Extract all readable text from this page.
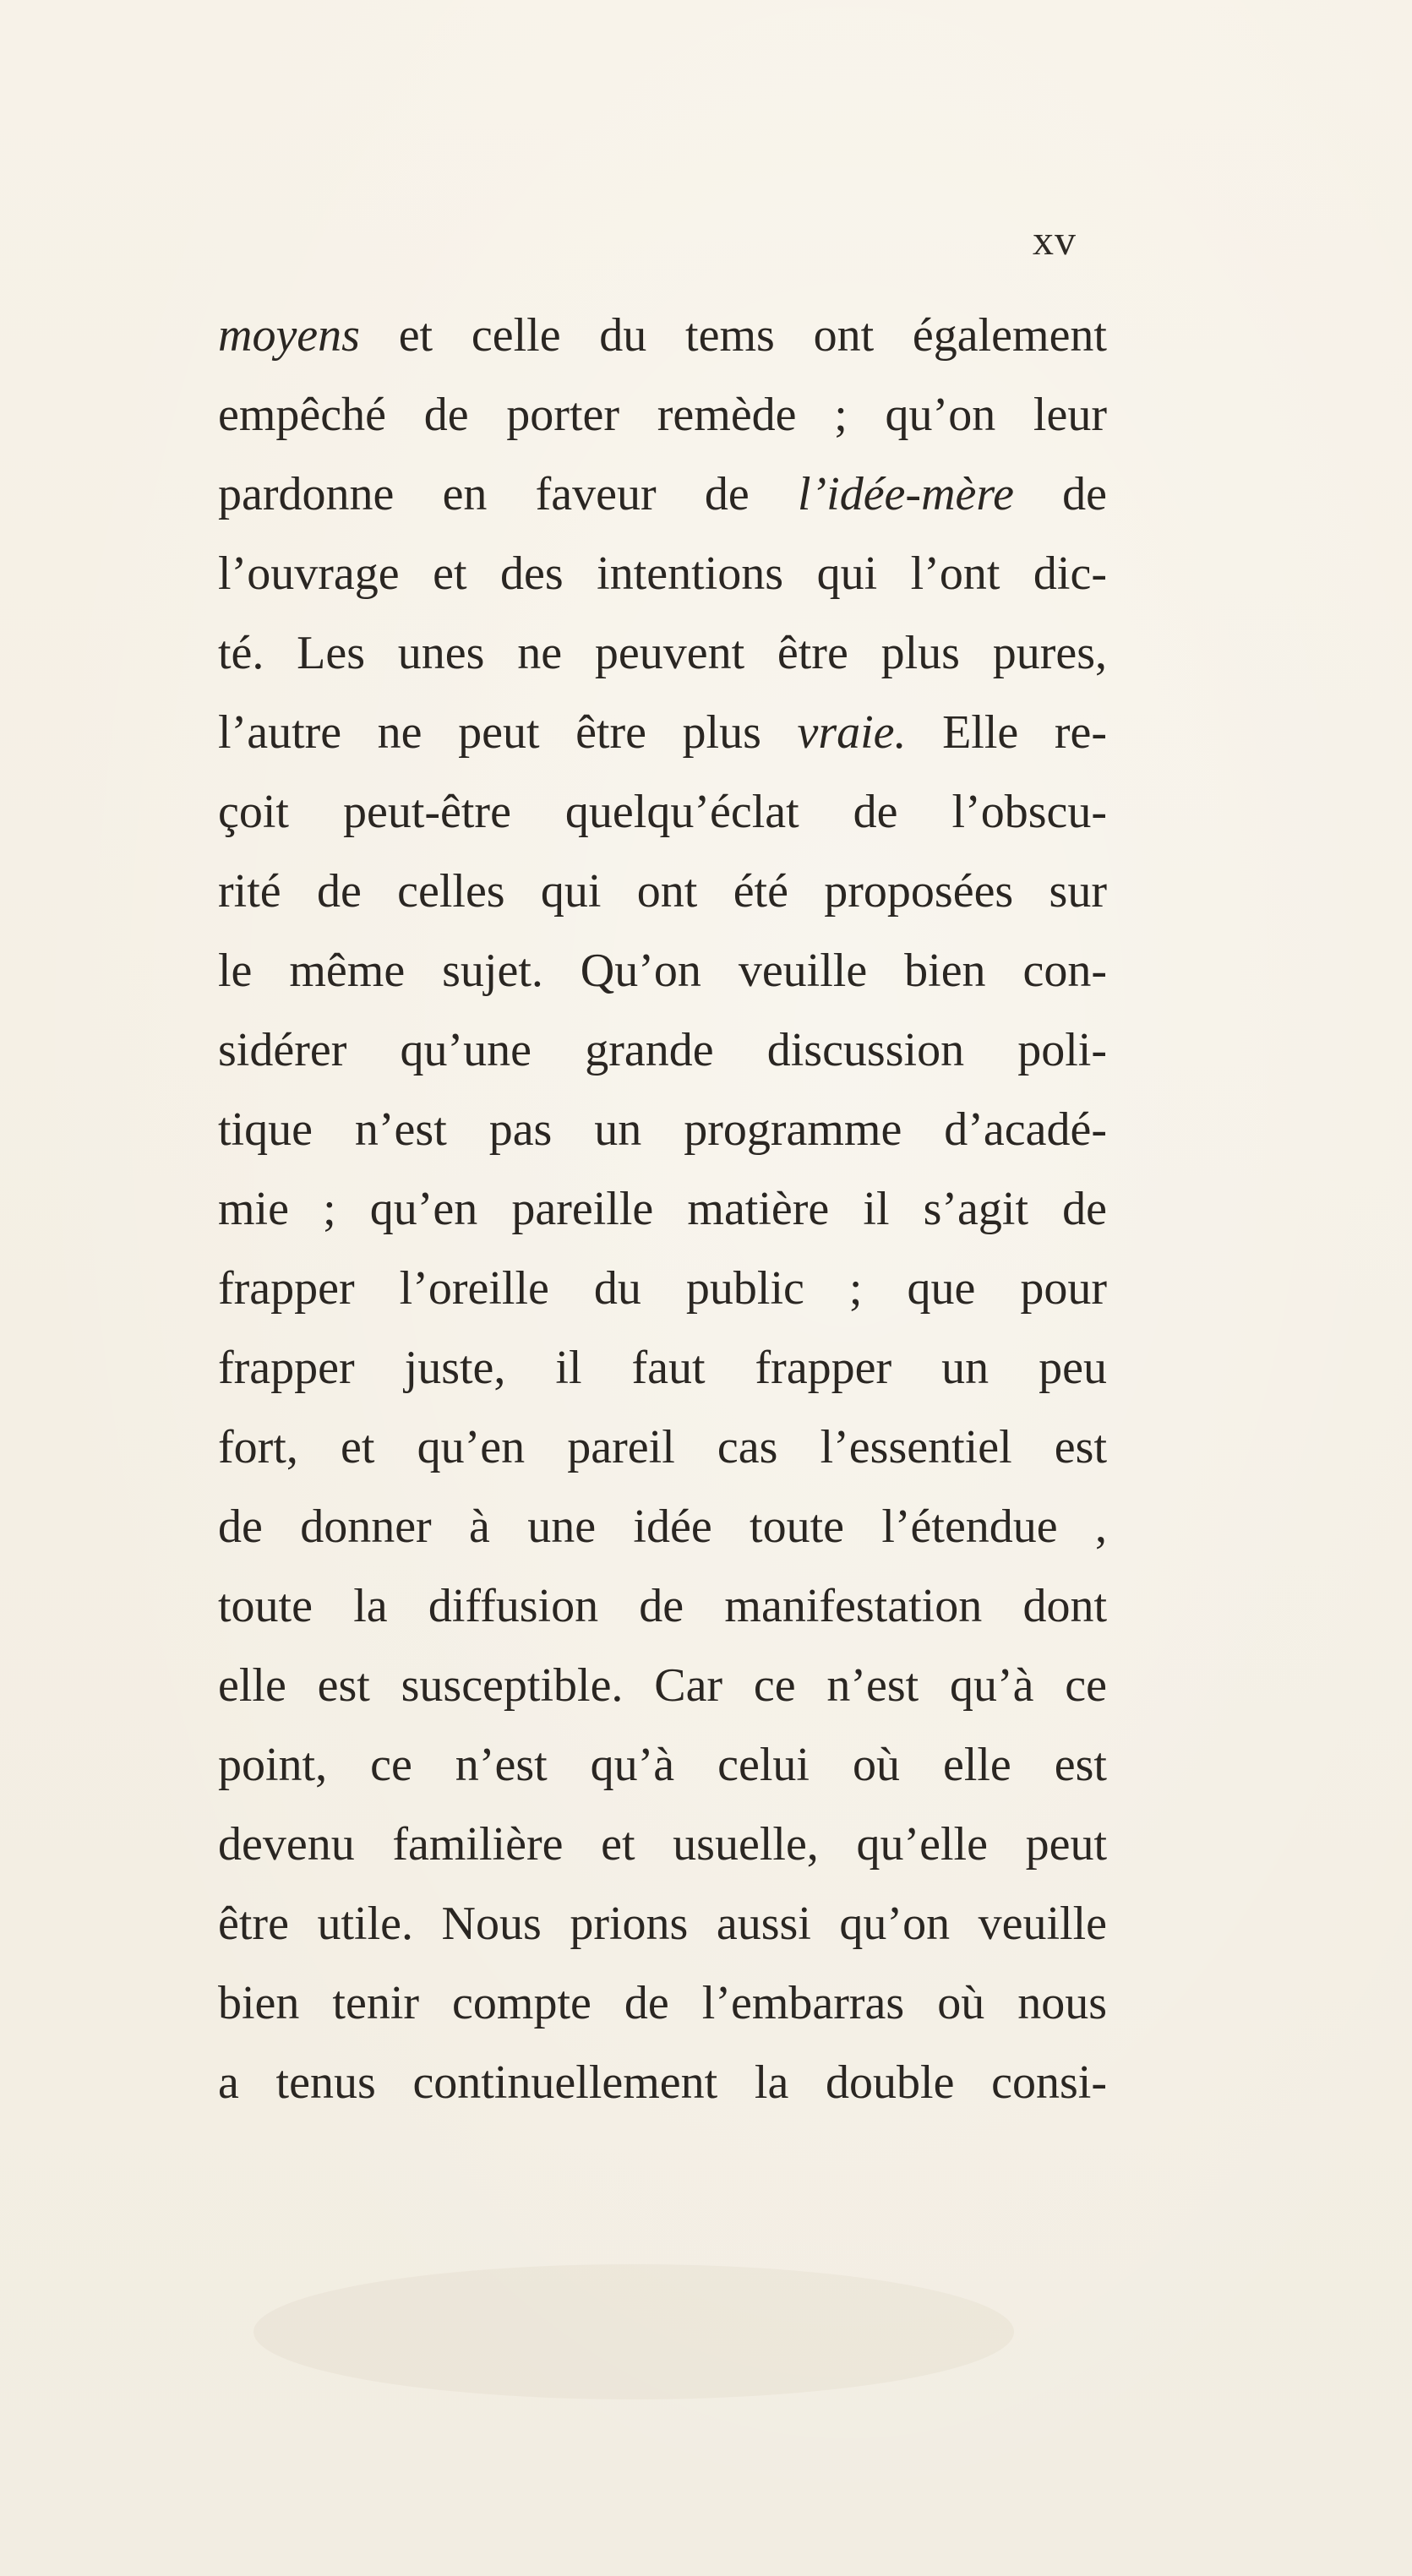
xv
moyens et celle du tems ont également
empêché de porter remède ; qu’on leur
pardonne en faveur de l’idée-mère de
l’ouvrage et des intentions qui l’ont dic-
té. Les unes ne peuvent être plus pures,
l’autre ne peut être plus vraie. Elle re-
çoit peut-être quelqu’éclat de l’obscu-
rité de celles qui ont été proposées sur
le même sujet. Qu’on veuille bien con-
sidérer qu’une grande discussion poli-
tique n’est pas un programme d’acadé-
mie ; qu’en pareille matière il s’agit de
frapper l’oreille du public ; que pour
frapper juste, il faut frapper un peu
fort, et qu’en pareil cas l’essentiel est
de donner à une idée toute l’étendue ,
toute la diffusion de manifestation dont
elle est susceptible. Car ce n’est qu’à ce
point, ce n’est qu’à celui où elle est
devenu familière et usuelle, qu’elle peut
être utile. Nous prions aussi qu’on veuille
bien tenir compte de l’embarras où nous
a tenus continuellement la double consi-
